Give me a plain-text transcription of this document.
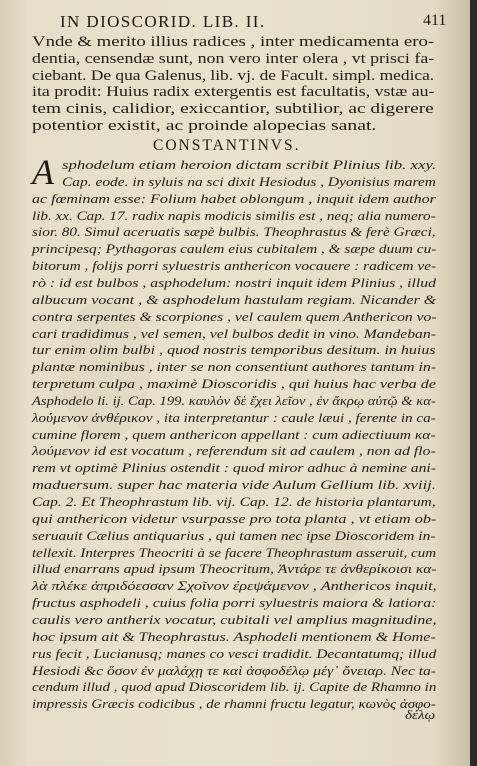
IN DIOSCORID. LIB. II.	411
Vnde & merito illius radices , inter medicamenta ero-
dentia, censendæ sunt, non vero inter olera , vt prisci fa-
ciebant. De qua Galenus, lib. vj. de Facult. simpl. medica.
ita prodit: Huius radix extergentis est facultatis, vstæ au-
tem cinis, calidior, exiccantior, subtilior, ac digerere
potentior existit, ac proinde alopecias sanat.
CONSTANTINVS.
A sphodelum etiam heroion dictam scribit Plinius lib. xxy.
Cap. eode. in syluis na sci dixit Hesiodus , Dyonisius marem
ac fœminam esse: Folium habet oblongum , inquit idem author
lib. xx. Cap. 17. radix napis modicis similis est , neq; alia numero-
sior. 80. Simul aceruatis sæpè bulbis. Theophrastus & ferè Græci,
principesq; Pythagoras caulem eius cubitalem , & sæpe duum cu-
bitorum , folijs porri syluestris anthericon vocauere : radicem ve-
rò : id est bulbos , asphodelum: nostri inquit idem Plinius , illud
albucum vocant , & asphodelum hastulam regiam. Nicander &
contra serpentes & scorpiones , vel caulem quem Anthericon vo-
cari tradidimus , vel semen, vel bulbos dedit in vino. Mandeban-
tur enim olim bulbi , quod nostris temporibus desitum. in huius
plantæ nominibus , inter se non consentiunt authores tantum in-
terpretum culpa , maximè Dioscoridis , qui huius hac verba de
Asphodelo li. ij. Cap. 199. καυλὸν δὲ ἔχει λεῖον , ἐν ἄκρῳ αὐτῷ & κα-
λούμενον ἀνθέρικον , ita interpretantur : caule læui , ferente in ca-
cumine florem , quem anthericon appellant : cum adiectiuum κα-
λούμενον id est vocatum , referendum sit ad caulem , non ad flo-
rem vt optimè Plinius ostendit : quod miror adhuc à nemine ani-
maduersum. super hac materia vide Aulum Gellium lib. xviij.
Cap. 2. Et Theophrastum lib. vij. Cap. 12. de historia plantarum,
qui anthericon videtur vsurpasse pro tota planta , vt etiam ob-
seruauit Cælius antiquarius , qui tamen nec ipse Dioscoridem in-
tellexit. Interpres Theocriti à se facere Theophrastum asseruit, cum
illud enarrans apud ipsum Theocritum, Ἀντάρε τε ἀνθερίκοισι κα-
λὰ πλέκε ἀπριδόεσσαν Σχοῖνον ἐρεψάμενον , Anthericos inquit,
fructus asphodeli , cuius folia porri syluestris maiora & latiora:
caulis vero antherix vocatur, cubitali vel amplius magnitudine,
hoc ipsum ait & Theophrastus. Asphodeli mentionem & Home-
rus fecit , Lucianusq; manes co vesci tradidit. Decantatumq; illud
Hesiodi &c ὅσον ἐν μαλάχῃ τε καὶ ἀσφοδέλῳ μέγ᾽ ὄνειαρ. Nec ta-
cendum illud , quod apud Dioscoridem lib. ij. Capite de Rhamno in
impressis Græcis codicibus , de rhamni fructu legatur, κωνὸς ἀσφο-
δέλῳ
